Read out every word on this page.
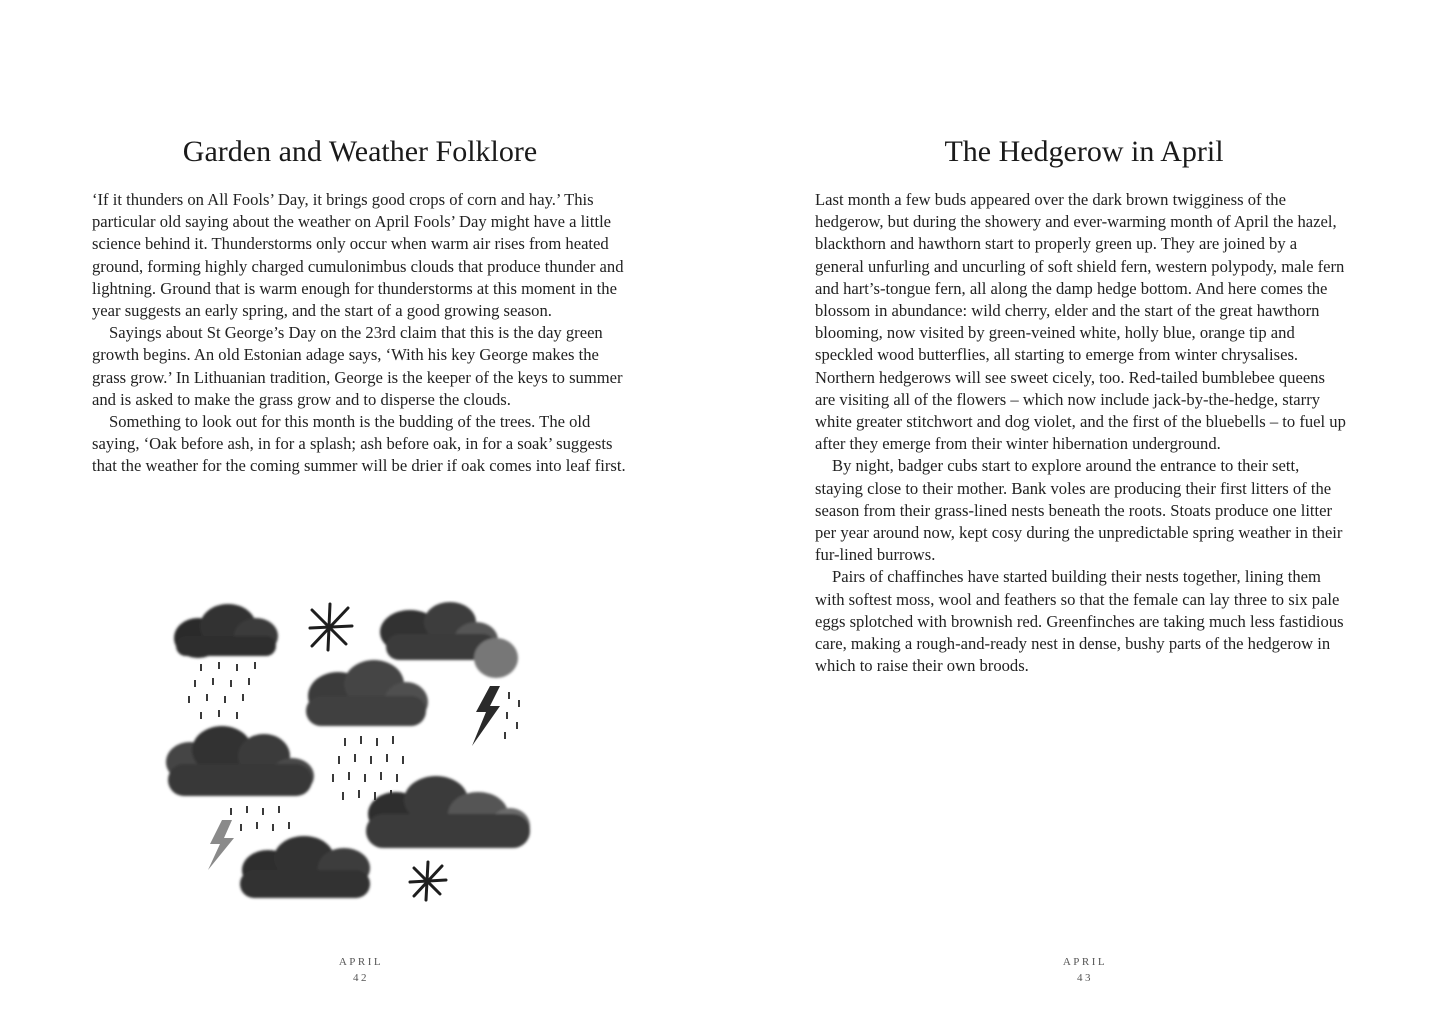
Garden and Weather Folklore

‘If it thunders on All Fools’ Day, it brings good crops of corn and hay.’ This particular old saying about the weather on April Fools’ Day might have a little science behind it. Thunderstorms only occur when warm air rises from heated ground, forming highly charged cumulonimbus clouds that produce thunder and lightning. Ground that is warm enough for thunderstorms at this moment in the year suggests an early spring, and the start of a good growing season.

Sayings about St George’s Day on the 23rd claim that this is the day green growth begins. An old Estonian adage says, ‘With his key George makes the grass grow.’ In Lithuanian tradition, George is the keeper of the keys to summer and is asked to make the grass grow and to disperse the clouds.

Something to look out for this month is the budding of the trees. The old saying, ‘Oak before ash, in for a splash; ash before oak, in for a soak’ suggests that the weather for the coming summer will be drier if oak comes into leaf first.

APRIL
42
The Hedgerow in April

Last month a few buds appeared over the dark brown twigginess of the hedgerow, but during the showery and ever-warming month of April the hazel, blackthorn and hawthorn start to properly green up. They are joined by a general unfurling and uncurling of soft shield fern, western polypody, male fern and hart’s-tongue fern, all along the damp hedge bottom. And here comes the blossom in abundance: wild cherry, elder and the start of the great hawthorn blooming, now visited by green-veined white, holly blue, orange tip and speckled wood butterflies, all starting to emerge from winter chrysalises. Northern hedgerows will see sweet cicely, too. Red-tailed bumblebee queens are visiting all of the flowers – which now include jack-by-the-hedge, starry white greater stitchwort and dog violet, and the first of the bluebells – to fuel up after they emerge from their winter hibernation underground.

By night, badger cubs start to explore around the entrance to their sett, staying close to their mother. Bank voles are producing their first litters of the season from their grass-lined nests beneath the roots. Stoats produce one litter per year around now, kept cosy during the unpredictable spring weather in their fur-lined burrows.

Pairs of chaffinches have started building their nests together, lining them with softest moss, wool and feathers so that the female can lay three to six pale eggs splotched with brownish red. Greenfinches are taking much less fastidious care, making a rough-and-ready nest in dense, bushy parts of the hedgerow in which to raise their own broods.

APRIL
43
